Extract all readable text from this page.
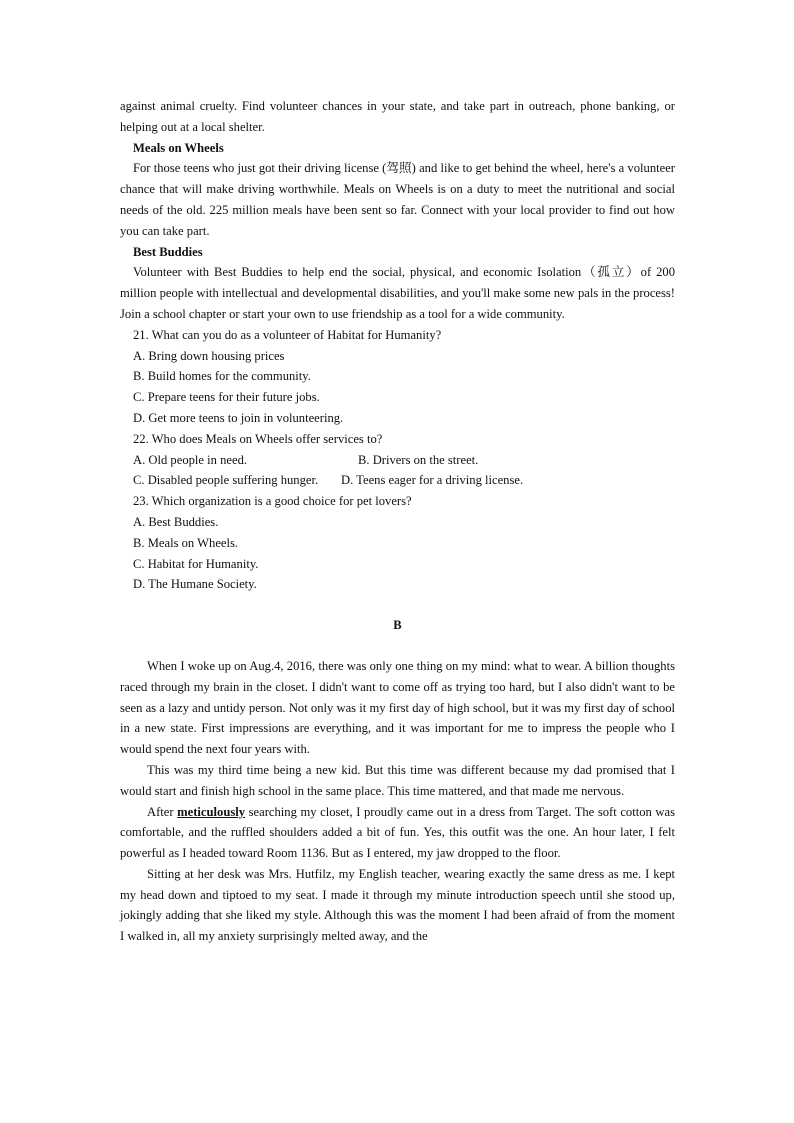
against animal cruelty. Find volunteer chances in your state, and take part in outreach, phone banking, or helping out at a local shelter.

Meals on Wheels

For those teens who just got their driving license (驾照) and like to get behind the wheel, here's a volunteer chance that will make driving worthwhile. Meals on Wheels is on a duty to meet the nutritional and social needs of the old. 225 million meals have been sent so far. Connect with your local provider to find out how you can take part.

Best Buddies

Volunteer with Best Buddies to help end the social, physical, and economic Isolation（孤立）of 200 million people with intellectual and developmental disabilities, and you'll make some new pals in the process! Join a school chapter or start your own to use friendship as a tool for a wide community.

21. What can you do as a volunteer of Habitat for Humanity?
A. Bring down housing prices
B. Build homes for the community.
C. Prepare teens for their future jobs.
D. Get more teens to join in volunteering.
22. Who does Meals on Wheels offer services to?
A. Old people in need.	B. Drivers on the street.
C. Disabled people suffering hunger.	D. Teens eager for a driving license.
23. Which organization is a good choice for pet lovers?
A. Best Buddies.
B. Meals on Wheels.
C. Habitat for Humanity.
D. The Humane Society.
B

When I woke up on Aug.4, 2016, there was only one thing on my mind: what to wear. A billion thoughts raced through my brain in the closet. I didn't want to come off as trying too hard, but I also didn't want to be seen as a lazy and untidy person. Not only was it my first day of high school, but it was my first day of school in a new state. First impressions are everything, and it was important for me to impress the people who I would spend the next four years with.

This was my third time being a new kid. But this time was different because my dad promised that I would start and finish high school in the same place. This time mattered, and that made me nervous.

After meticulously searching my closet, I proudly came out in a dress from Target. The soft cotton was comfortable, and the ruffled shoulders added a bit of fun. Yes, this outfit was the one. An hour later, I felt powerful as I headed toward Room 1136. But as I entered, my jaw dropped to the floor.

Sitting at her desk was Mrs. Hutfilz, my English teacher, wearing exactly the same dress as me. I kept my head down and tiptoed to my seat. I made it through my minute introduction speech until she stood up, jokingly adding that she liked my style. Although this was the moment I had been afraid of from the moment I walked in, all my anxiety surprisingly melted away, and the
